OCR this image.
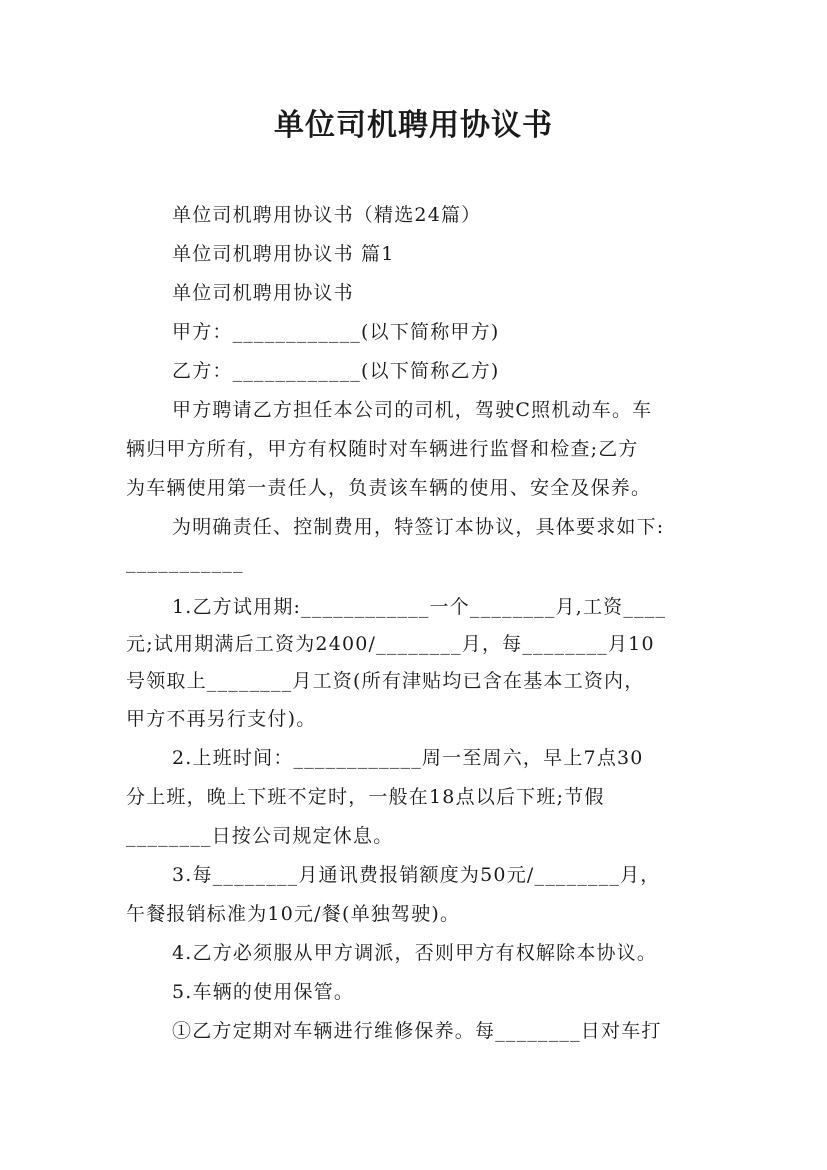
单位司机聘用协议书
单位司机聘用协议书（精选24篇）
单位司机聘用协议书 篇1
单位司机聘用协议书
甲方：____________(以下简称甲方)
乙方：____________(以下简称乙方)
甲方聘请乙方担任本公司的司机，驾驶C照机动车。车
辆归甲方所有，甲方有权随时对车辆进行监督和检查;乙方
为车辆使用第一责任人，负责该车辆的使用、安全及保养。
为明确责任、控制费用，特签订本协议，具体要求如下:
___________
1.乙方试用期:____________一个________月,工资____
元;试用期满后工资为2400/________月，每________月10
号领取上________月工资(所有津贴均已含在基本工资内，
甲方不再另行支付)。
2.上班时间：____________周一至周六，早上7点30
分上班，晚上下班不定时，一般在18点以后下班;节假
________日按公司规定休息。
3.每________月通讯费报销额度为50元/________月，
午餐报销标准为10元/餐(单独驾驶)。
4.乙方必须服从甲方调派，否则甲方有权解除本协议。
5.车辆的使用保管。
①乙方定期对车辆进行维修保养。每________日对车打
